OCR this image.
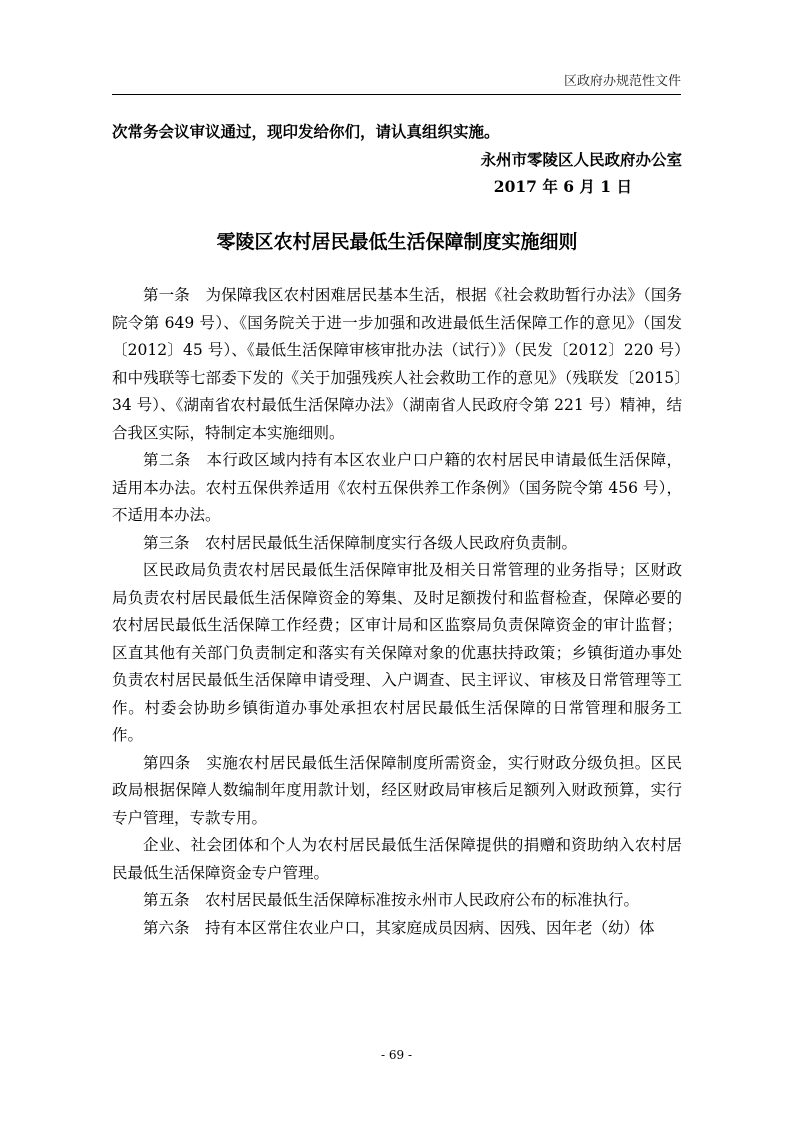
区政府办规范性文件
次常务会议审议通过，现印发给你们，请认真组织实施。
永州市零陵区人民政府办公室
2017 年 6 月 1 日
零陵区农村居民最低生活保障制度实施细则

第一条　为保障我区农村困难居民基本生活，根据《社会救助暂行办法》（国务院令第 649 号）、《国务院关于进一步加强和改进最低生活保障工作的意见》（国发〔2012〕45 号）、《最低生活保障审核审批办法（试行）》（民发〔2012〕220 号）和中残联等七部委下发的《关于加强残疾人社会救助工作的意见》（残联发〔2015〕34 号）、《湖南省农村最低生活保障办法》（湖南省人民政府令第 221 号）精神，结合我区实际，特制定本实施细则。

第二条　本行政区域内持有本区农业户口户籍的农村居民申请最低生活保障，适用本办法。农村五保供养适用《农村五保供养工作条例》（国务院令第 456 号），不适用本办法。

第三条　农村居民最低生活保障制度实行各级人民政府负责制。

区民政局负责农村居民最低生活保障审批及相关日常管理的业务指导；区财政局负责农村居民最低生活保障资金的筹集、及时足额拨付和监督检查，保障必要的农村居民最低生活保障工作经费；区审计局和区监察局负责保障资金的审计监督；区直其他有关部门负责制定和落实有关保障对象的优惠扶持政策；乡镇街道办事处负责农村居民最低生活保障申请受理、入户调查、民主评议、审核及日常管理等工作。村委会协助乡镇街道办事处承担农村居民最低生活保障的日常管理和服务工作。

第四条　实施农村居民最低生活保障制度所需资金，实行财政分级负担。区民政局根据保障人数编制年度用款计划，经区财政局审核后足额列入财政预算，实行专户管理，专款专用。

企业、社会团体和个人为农村居民最低生活保障提供的捐赠和资助纳入农村居民最低生活保障资金专户管理。

第五条　农村居民最低生活保障标准按永州市人民政府公布的标准执行。

第六条　持有本区常住农业户口，其家庭成员因病、因残、因年老（幼）体

- 69 -
